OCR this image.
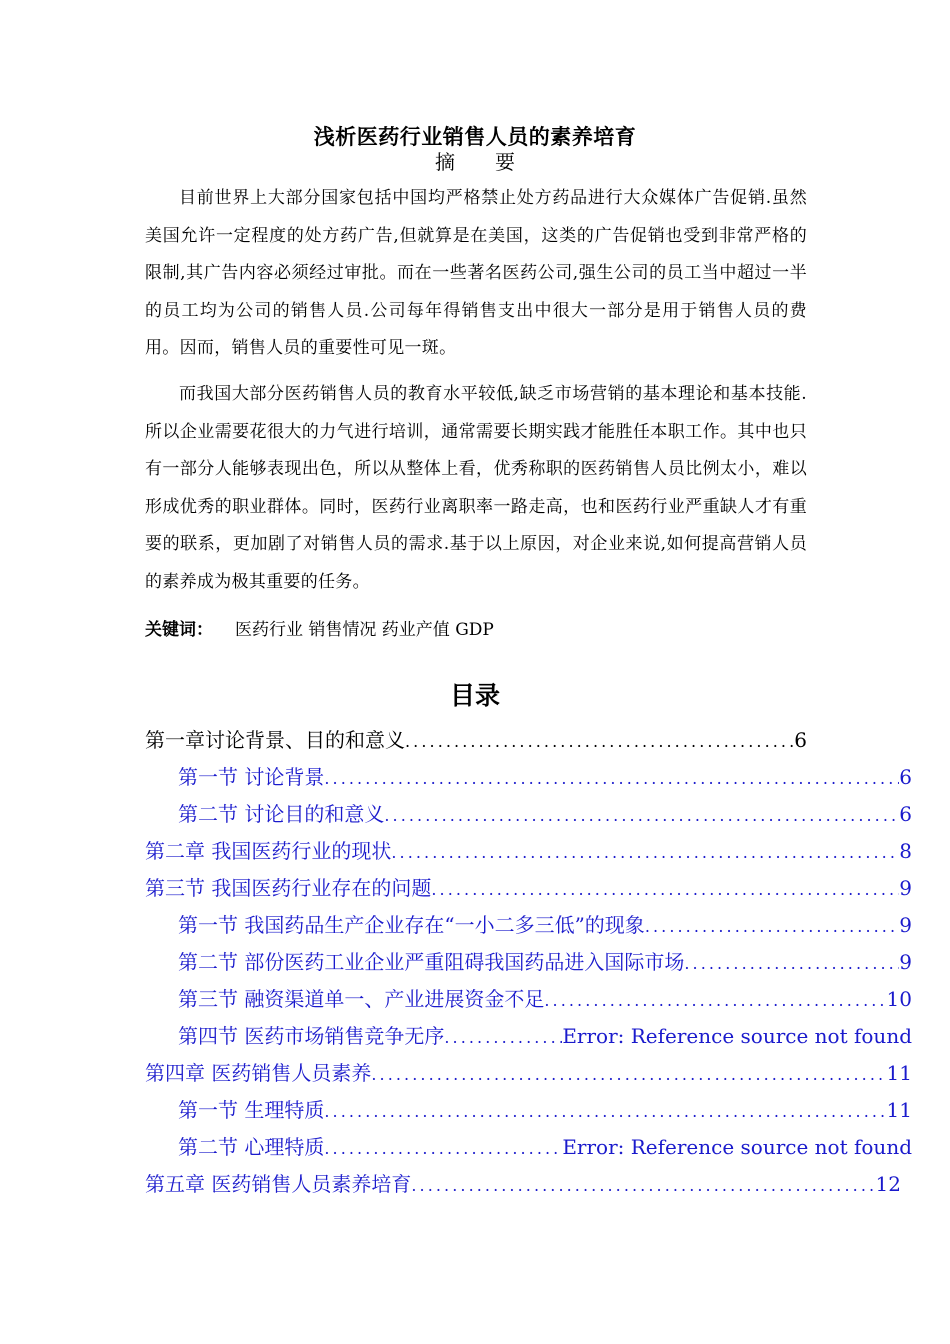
浅析医药行业销售人员的素养培育
摘　　要
目前世界上大部分国家包括中国均严格禁止处方药品进行大众媒体广告促销.虽然美国允许一定程度的处方药广告,但就算是在美国，这类的广告促销也受到非常严格的限制,其广告内容必须经过审批。而在一些著名医药公司,强生公司的员工当中超过一半的员工均为公司的销售人员.公司每年得销售支出中很大一部分是用于销售人员的费用。因而，销售人员的重要性可见一斑。
而我国大部分医药销售人员的教育水平较低,缺乏市场营销的基本理论和基本技能.所以企业需要花很大的力气进行培训，通常需要长期实践才能胜任本职工作。其中也只有一部分人能够表现出色，所以从整体上看，优秀称职的医药销售人员比例太小，难以形成优秀的职业群体。同时，医药行业离职率一路走高，也和医药行业严重缺人才有重要的联系，更加剧了对销售人员的需求.基于以上原因，对企业来说,如何提高营销人员的素养成为极其重要的任务。
关键词： 医药行业 销售情况 药业产值 GDP
目录
第一章讨论背景、目的和意义 . . .	6
第一节 讨论背景 . . .	6
第二节 讨论目的和意义 . . .	6
第二章 我国医药行业的现状 . . .	8
第三节 我国医药行业存在的问题 . . .	9
第一节 我国药品生产企业存在“一小二多三低”的现象 . . .	9
第二节 部份医药工业企业严重阻碍我国药品进入国际市场 . . .	9
第三节 融资渠道单一、产业进展资金不足 . . .	10
第四节 医药市场销售竞争无序 . . .	Error: Reference source not found
第四章 医药销售人员素养 . . .	11
第一节 生理特质 . . .	11
第二节 心理特质 . . .	Error: Reference source not found
第五章 医药销售人员素养培育 . . .	12
